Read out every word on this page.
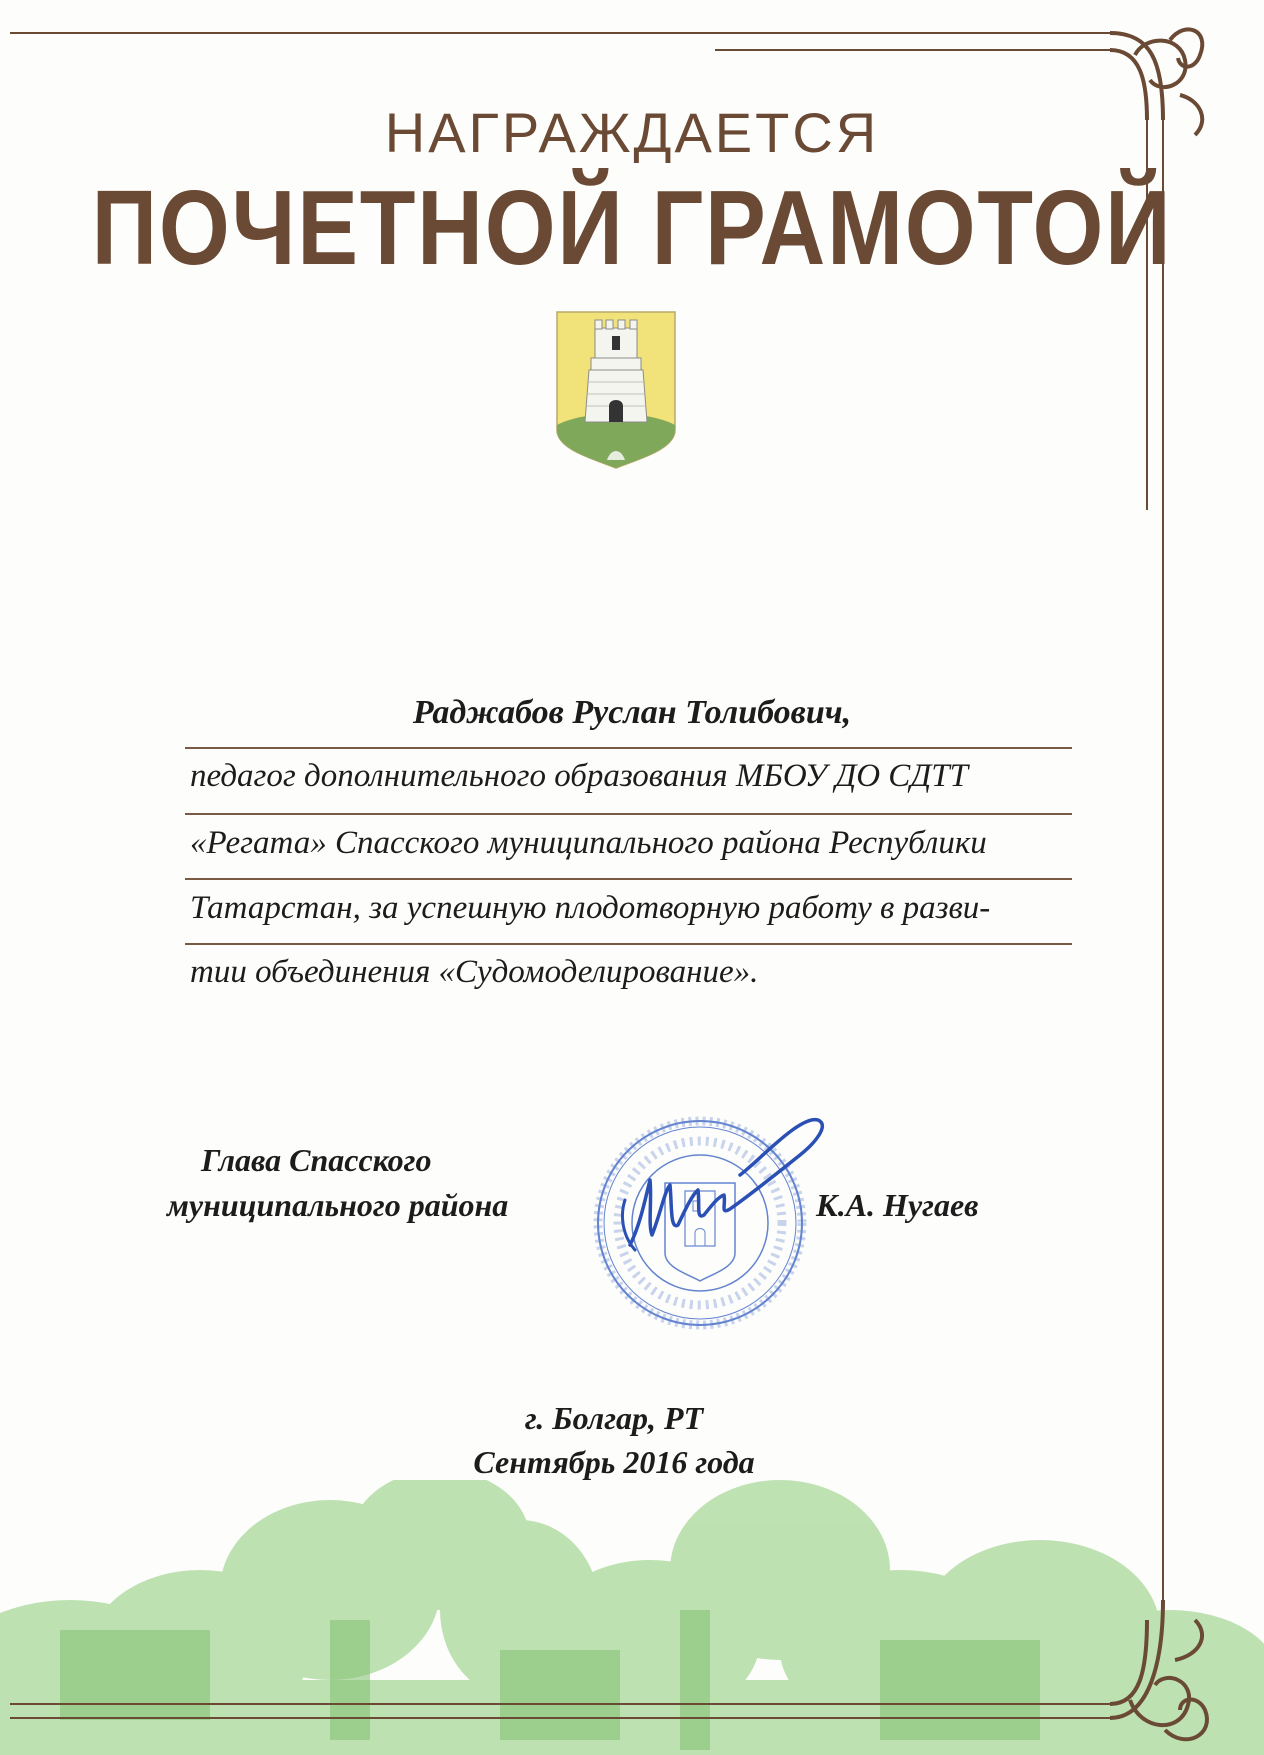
НАГРАЖДАЕТСЯ
ПОЧЕТНОЙ ГРАМОТОЙ
Раджабов Руслан Толибович,
педагог дополнительного образования МБОУ ДО СДТТ
«Регата» Спасского муниципального района Республики
Татарстан, за успешную плодотворную работу в разви-
тии объединения «Судомоделирование».
Глава Спасского
муниципального района	К.А. Нугаев
г. Болгар, РТ
Сентябрь 2016 года
